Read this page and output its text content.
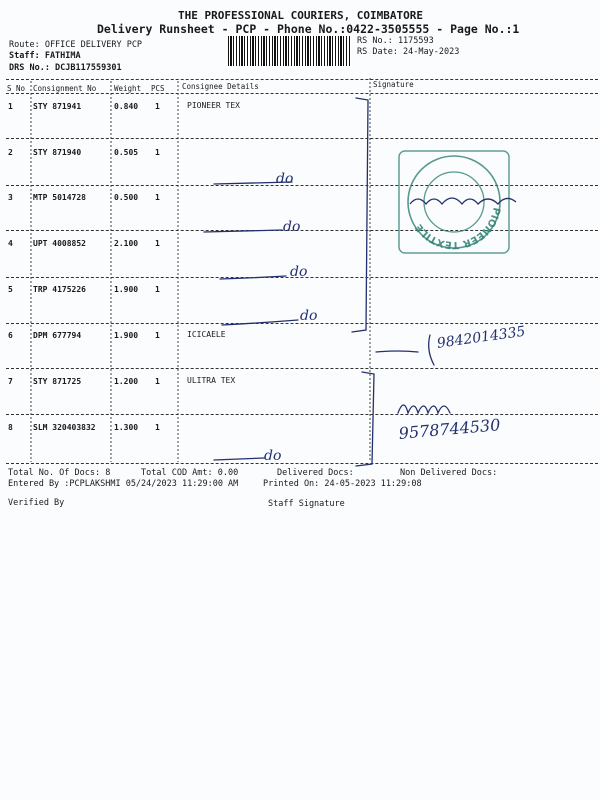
THE PROFESSIONAL COURIERS, COIMBATORE
Delivery Runsheet - PCP - Phone No.:0422-3505555 - Page No.:1
Route: OFFICE DELIVERY PCP
Staff: FATHIMA
DRS No.: DCJB117559301
RS No.: 1175593
RS Date: 24-May-2023
S No Consignment No Weight PCS Consignee Details	Signature
1	STY 871941	0.840 1	PIONEER TEX
2	STY 871940	0.505 1
3	MTP 5014728	0.500 1
4	UPT 4008852	2.100 1
5	TRP 4175226	1.900 1
6	DPM 677794	1.900 1	ICICAELE
7	STY 871725	1.200 1	ULITRA TEX
8	SLM 320403832 1.300 1
do
do
do
do
do
9842014335
9578744530
PIONEER TEXTILE
Total No. Of Docs: 8	Total COD Amt: 0.00	Delivered Docs:	Non Delivered Docs:
Entered By :PCPLAKSHMI 05/24/2023 11:29:00 AM	Printed On: 24-05-2023 11:29:08
Verified By	Staff Signature
